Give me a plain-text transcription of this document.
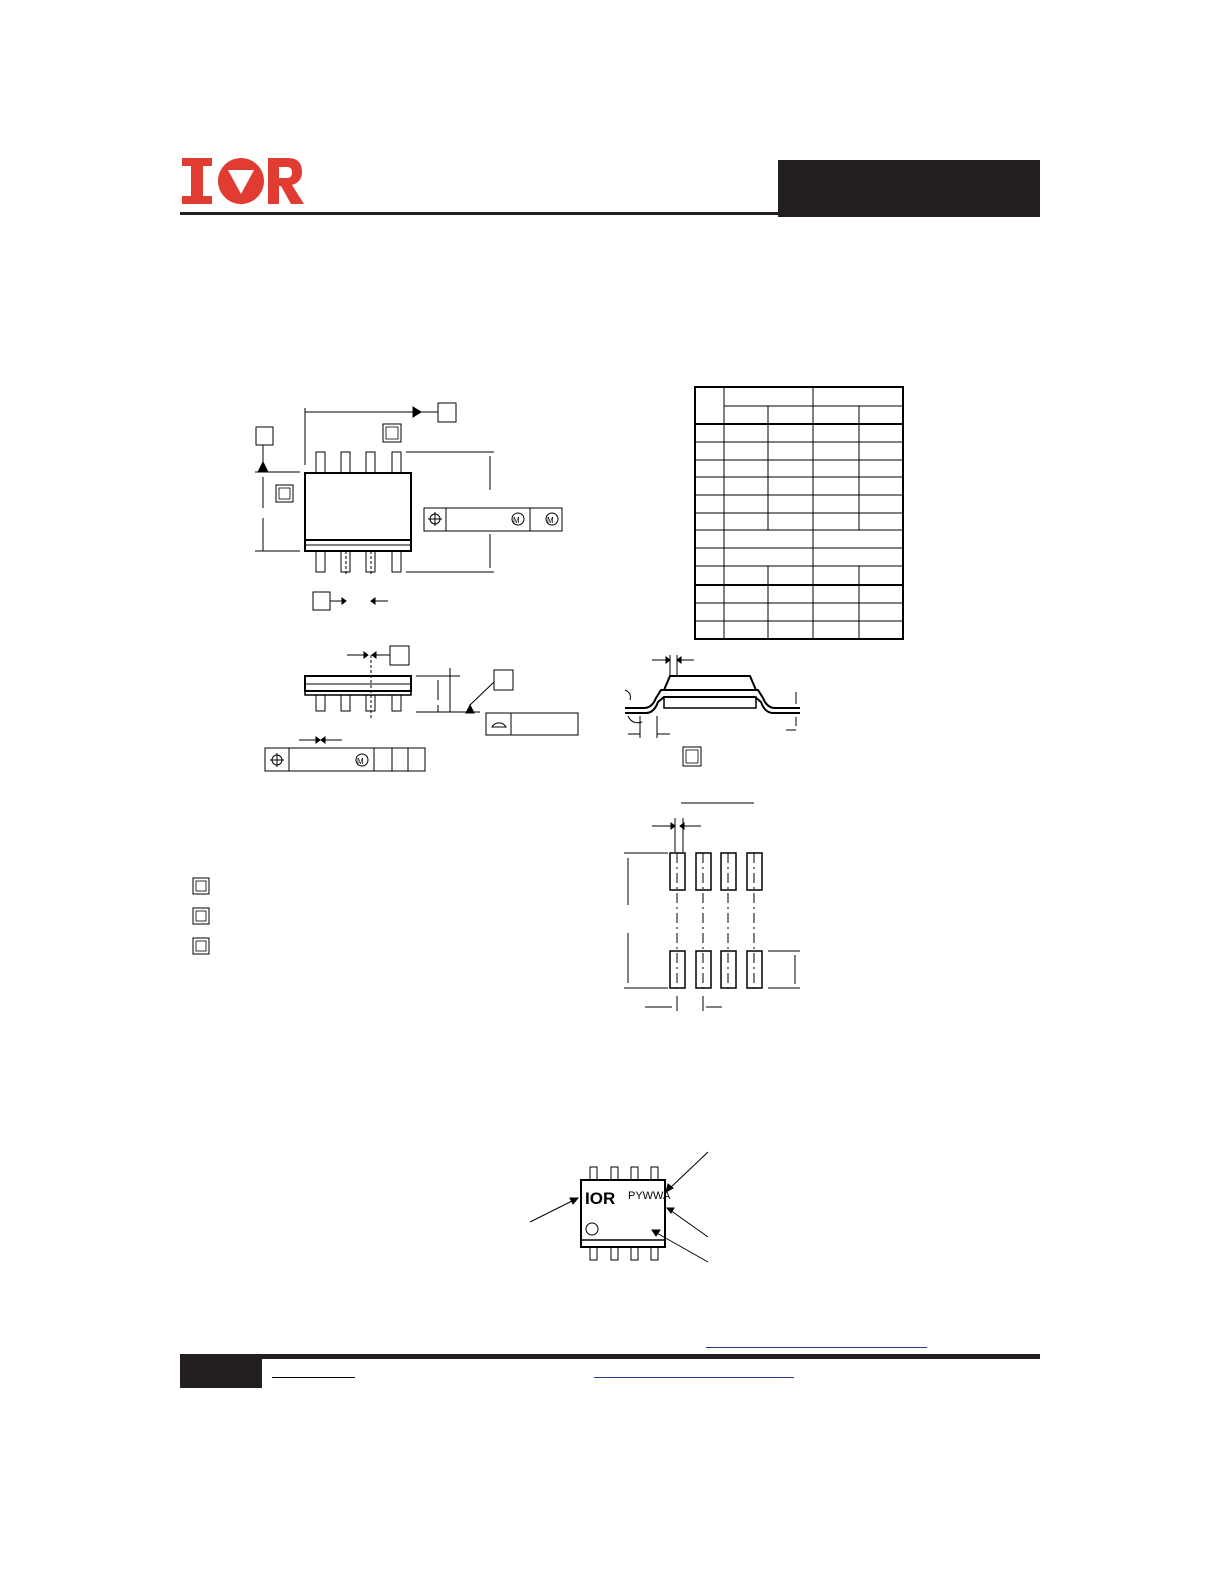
M	M
M
IOR PYWWA
